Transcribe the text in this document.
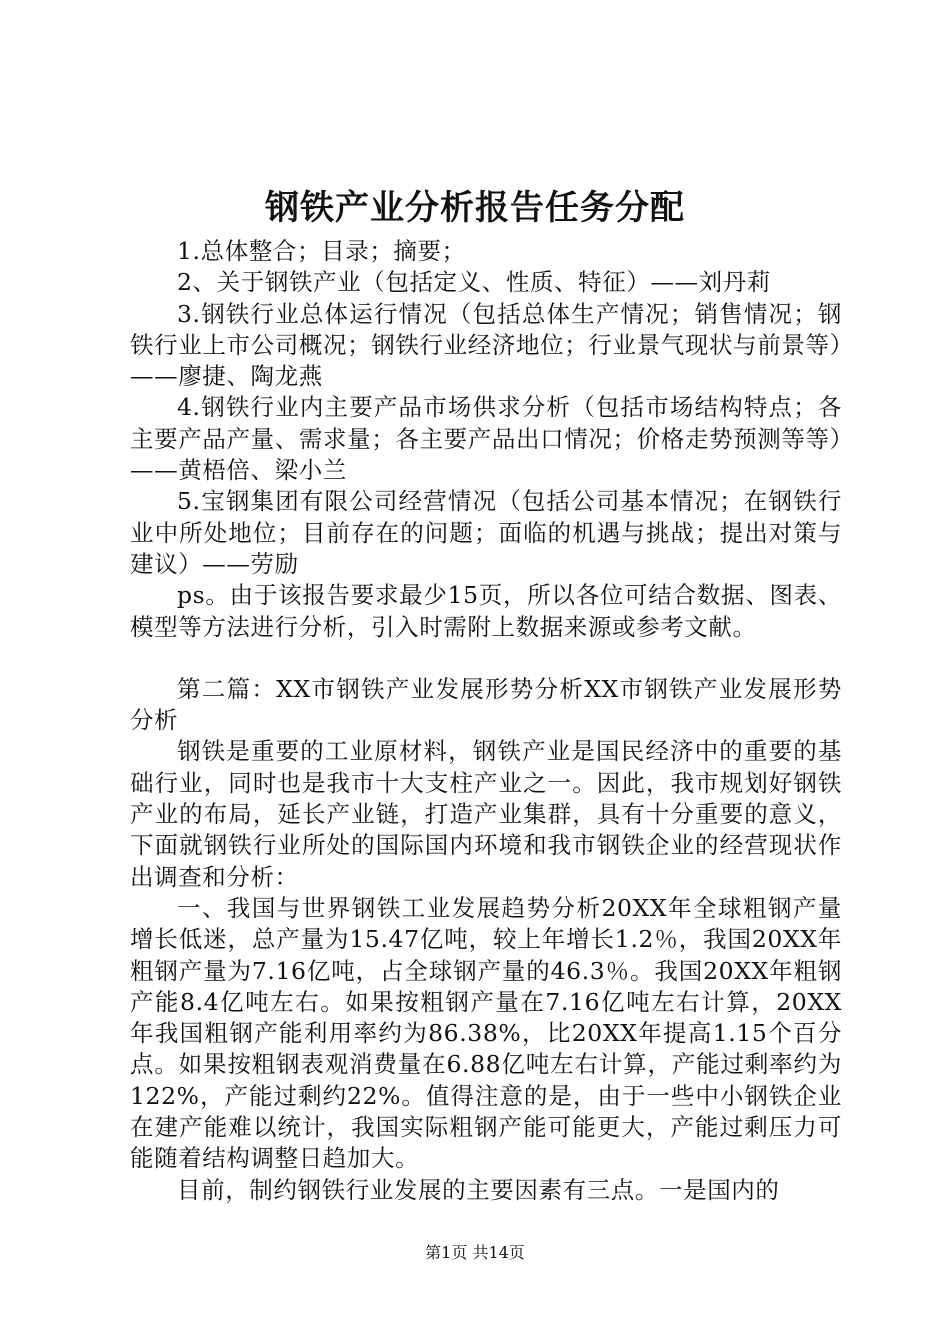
钢铁产业分析报告任务分配

1.总体整合；目录；摘要；

2、关于钢铁产业（包括定义、性质、特征）——刘丹莉

3.钢铁行业总体运行情况（包括总体生产情况；销售情况；钢铁行业上市公司概况；钢铁行业经济地位；行业景气现状与前景等）——廖捷、陶龙燕

4.钢铁行业内主要产品市场供求分析（包括市场结构特点；各主要产品产量、需求量；各主要产品出口情况；价格走势预测等等）——黄梧倍、梁小兰

5.宝钢集团有限公司经营情况（包括公司基本情况；在钢铁行业中所处地位；目前存在的问题；面临的机遇与挑战；提出对策与建议）——劳励

ps。由于该报告要求最少15页，所以各位可结合数据、图表、模型等方法进行分析，引入时需附上数据来源或参考文献。

第二篇：XX市钢铁产业发展形势分析XX市钢铁产业发展形势分析

钢铁是重要的工业原材料，钢铁产业是国民经济中的重要的基础行业，同时也是我市十大支柱产业之一。因此，我市规划好钢铁产业的布局，延长产业链，打造产业集群，具有十分重要的意义，下面就钢铁行业所处的国际国内环境和我市钢铁企业的经营现状作出调查和分析：

一、我国与世界钢铁工业发展趋势分析20XX年全球粗钢产量增长低迷，总产量为15.47亿吨，较上年增长1.2％，我国20XX年粗钢产量为7.16亿吨，占全球钢产量的46.3％。我国20XX年粗钢产能8.4亿吨左右。如果按粗钢产量在7.16亿吨左右计算，20XX年我国粗钢产能利用率约为86.38%，比20XX年提高1.15个百分点。如果按粗钢表观消费量在6.88亿吨左右计算，产能过剩率约为122%，产能过剩约22%。值得注意的是，由于一些中小钢铁企业在建产能难以统计，我国实际粗钢产能可能更大，产能过剩压力可能随着结构调整日趋加大。

目前，制约钢铁行业发展的主要因素有三点。一是国内的

第1页 共14页
